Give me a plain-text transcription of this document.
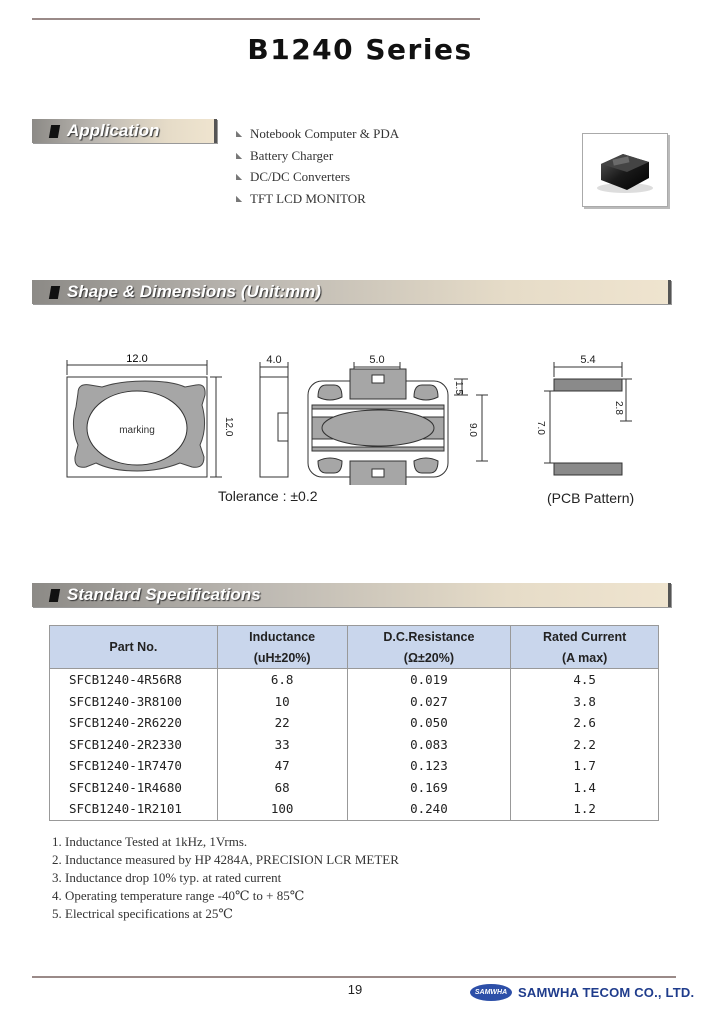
B1240 Series
Application	◣ Notebook Computer & PDA
◣ Battery Charger
◣ DC/DC Converters
◣ TFT LCD MONITOR
Shape & Dimensions (Unit:mm)
12.0
marking	12.0
4.0	5.0
1.5
9.0
5.4
2.8
7.0
Tolerance : ±0.2	(PCB Pattern)
Standard Specifications
Part No.	Inductance	D.C.Resistance	Rated Current
	(uH±20%)	(Ω±20%)	(A max)
SFCB1240-4R56R8	6.8	0.019	4.5
SFCB1240-3R8100	10	0.027	3.8
SFCB1240-2R6220	22	0.050	2.6
SFCB1240-2R2330	33	0.083	2.2
SFCB1240-1R7470	47	0.123	1.7
SFCB1240-1R4680	68	0.169	1.4
SFCB1240-1R2101	100	0.240	1.2
1. Inductance Tested at 1kHz, 1Vrms.
2. Inductance measured by HP 4284A, PRECISION LCR METER
3. Inductance drop 10% typ. at rated current
4. Operating temperature range -40℃ to + 85℃
5. Electrical specifications at 25℃
19	SAMWHA SAMWHA TECOM CO., LTD.
